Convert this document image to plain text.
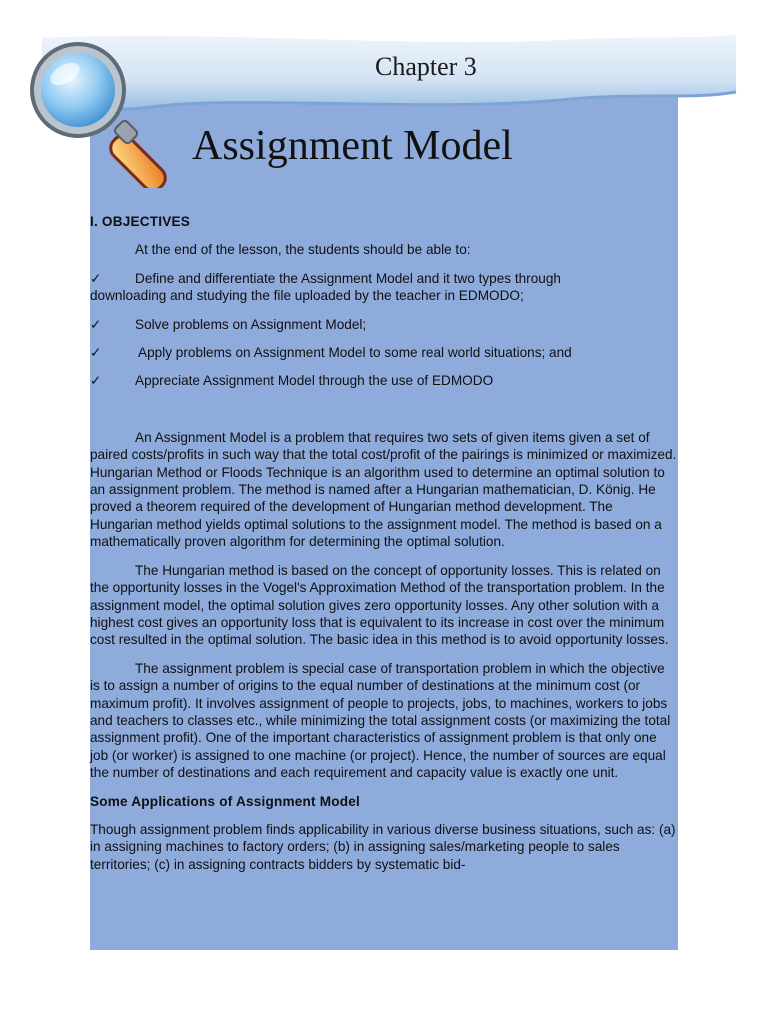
Chapter 3
Assignment Model

I. OBJECTIVES

At the end of the lesson, the students should be able to:

✓	Define and differentiate the Assignment Model and it two types through
downloading and studying the file uploaded by the teacher in EDMODO;

✓	Solve problems on Assignment Model;

✓	Apply problems on Assignment Model to some real world situations; and

✓	Appreciate Assignment Model through the use of EDMODO

An Assignment Model is a problem that requires two sets of given items given a set of paired costs/profits in such way that the total cost/profit of the pairings is minimized or maximized. Hungarian Method or Floods Technique is an algorithm used to determine an optimal solution to an assignment problem. The method is named after a Hungarian mathematician, D. König. He proved a theorem required of the development of Hungarian method development. The Hungarian method yields optimal solutions to the assignment model. The method is based on a mathematically proven algorithm for determining the optimal solution.

The Hungarian method is based on the concept of opportunity losses. This is related on the opportunity losses in the Vogel's Approximation Method of the transportation problem. In the assignment model, the optimal solution gives zero opportunity losses. Any other solution with a highest cost gives an opportunity loss that is equivalent to its increase in cost over the minimum cost resulted in the optimal solution. The basic idea in this method is to avoid opportunity losses.

The assignment problem is special case of transportation problem in which the objective is to assign a number of origins to the equal number of destinations at the minimum cost (or maximum profit). It involves assignment of people to projects, jobs, to machines, workers to jobs and teachers to classes etc., while minimizing the total assignment costs (or maximizing the total assignment profit). One of the important characteristics of assignment problem is that only one job (or worker) is assigned to one machine (or project). Hence, the number of sources are equal the number of destinations and each requirement and capacity value is exactly one unit.

Some Applications of Assignment Model

Though assignment problem finds applicability in various diverse business situations, such as: (a) in assigning machines to factory orders; (b) in assigning sales/marketing people to sales territories; (c) in assigning contracts bidders by systematic bid-
